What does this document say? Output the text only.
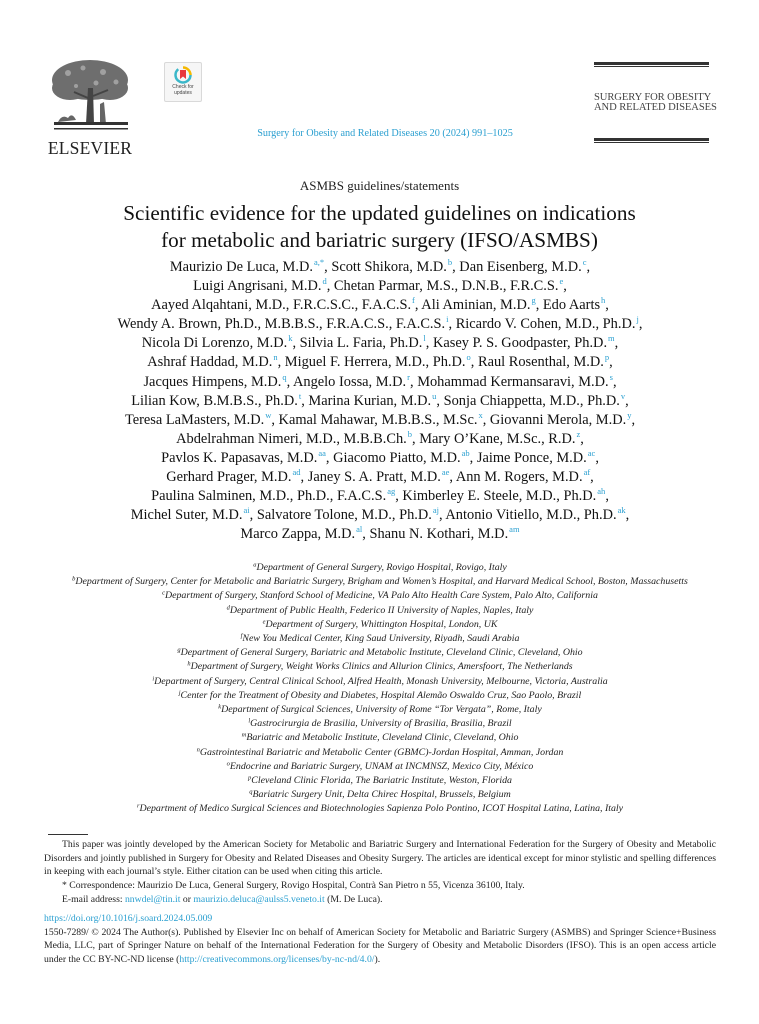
ELSEVIER
Check for
updates
Surgery for Obesity and Related Diseases 20 (2024) 991–1025
SURGERY FOR OBESITY
AND RELATED DISEASES
ASMBS guidelines/statements
Scientific evidence for the updated guidelines on indications
for metabolic and bariatric surgery (IFSO/ASMBS)
Maurizio De Luca, M.D.$^{a,*}$, Scott Shikora, M.D.$^b$, Dan Eisenberg, M.D.$^c$,
Luigi Angrisani, M.D.$^d$, Chetan Parmar, M.S., D.N.B., F.R.C.S.$^e$,
Aayed Alqahtani, M.D., F.R.C.S.C., F.A.C.S.$^f$, Ali Aminian, M.D.$^g$, Edo Aarts$^h$,
Wendy A. Brown, Ph.D., M.B.B.S., F.R.A.C.S., F.A.C.S.$^i$, Ricardo V. Cohen, M.D., Ph.D.$^j$,
Nicola Di Lorenzo, M.D.$^k$, Silvia L. Faria, Ph.D.$^l$, Kasey P. S. Goodpaster, Ph.D.$^m$,
Ashraf Haddad, M.D.$^n$, Miguel F. Herrera, M.D., Ph.D.$^o$, Raul Rosenthal, M.D.$^p$,
Jacques Himpens, M.D.$^q$, Angelo Iossa, M.D.$^r$, Mohammad Kermansaravi, M.D.$^s$,
Lilian Kow, B.M.B.S., Ph.D.$^t$, Marina Kurian, M.D.$^u$, Sonja Chiappetta, M.D., Ph.D.$^v$,
Teresa LaMasters, M.D.$^w$, Kamal Mahawar, M.B.B.S., M.Sc.$^x$, Giovanni Merola, M.D.$^y$,
Abdelrahman Nimeri, M.D., M.B.B.Ch.$^b$, Mary O’Kane, M.Sc., R.D.$^z$,
Pavlos K. Papasavas, M.D.$^{aa}$, Giacomo Piatto, M.D.$^{ab}$, Jaime Ponce, M.D.$^{ac}$,
Gerhard Prager, M.D.$^{ad}$, Janey S. A. Pratt, M.D.$^{ae}$, Ann M. Rogers, M.D.$^{af}$,
Paulina Salminen, M.D., Ph.D., F.A.C.S.$^{ag}$, Kimberley E. Steele, M.D., Ph.D.$^{ah}$,
Michel Suter, M.D.$^{ai}$, Salvatore Tolone, M.D., Ph.D.$^{aj}$, Antonio Vitiello, M.D., Ph.D.$^{ak}$,
Marco Zappa, M.D.$^{al}$, Shanu N. Kothari, M.D.$^{am}$
$^a$Department of General Surgery, Rovigo Hospital, Rovigo, Italy
$^b$Department of Surgery, Center for Metabolic and Bariatric Surgery, Brigham and Women’s Hospital, and Harvard Medical School, Boston, Massachusetts
$^c$Department of Surgery, Stanford School of Medicine, VA Palo Alto Health Care System, Palo Alto, California
$^d$Department of Public Health, Federico II University of Naples, Naples, Italy
$^e$Department of Surgery, Whittington Hospital, London, UK
$^f$New You Medical Center, King Saud University, Riyadh, Saudi Arabia
$^g$Department of General Surgery, Bariatric and Metabolic Institute, Cleveland Clinic, Cleveland, Ohio
$^h$Department of Surgery, Weight Works Clinics and Allurion Clinics, Amersfoort, The Netherlands
$^i$Department of Surgery, Central Clinical School, Alfred Health, Monash University, Melbourne, Victoria, Australia
$^j$Center for the Treatment of Obesity and Diabetes, Hospital Alemão Oswaldo Cruz, Sao Paolo, Brazil
$^k$Department of Surgical Sciences, University of Rome “Tor Vergata”, Rome, Italy
$^l$Gastrocirurgia de Brasilia, University of Brasilia, Brasilia, Brazil
$^m$Bariatric and Metabolic Institute, Cleveland Clinic, Cleveland, Ohio
$^n$Gastrointestinal Bariatric and Metabolic Center (GBMC)-Jordan Hospital, Amman, Jordan
$^o$Endocrine and Bariatric Surgery, UNAM at INCMNSZ, Mexico City, México
$^p$Cleveland Clinic Florida, The Bariatric Institute, Weston, Florida
$^q$Bariatric Surgery Unit, Delta Chirec Hospital, Brussels, Belgium
$^r$Department of Medico Surgical Sciences and Biotechnologies Sapienza Polo Pontino, ICOT Hospital Latina, Latina, Italy

This paper was jointly developed by the American Society for Metabolic and Bariatric Surgery and International Federation for the Surgery of Obesity and Metabolic Disorders and jointly published in Surgery for Obesity and Related Diseases and Obesity Surgery. The articles are identical except for minor stylistic and spelling differences in keeping with each journal’s style. Either citation can be used when citing this article.

* Correspondence: Maurizio De Luca, General Surgery, Rovigo Hospital, Contrà San Pietro n 55, Vicenza 36100, Italy.

E-mail address: nnwdel@tin.it or maurizio.deluca@aulss5.veneto.it (M. De Luca).

https://doi.org/10.1016/j.soard.2024.05.009

1550-7289/ © 2024 The Author(s). Published by Elsevier Inc on behalf of American Society for Metabolic and Bariatric Surgery (ASMBS) and Springer Science+Business Media, LLC, part of Springer Nature on behalf of the International Federation for the Surgery of Obesity and Metabolic Disorders (IFSO). This is an open access article under the CC BY-NC-ND license (http://creativecommons.org/licenses/by-nc-nd/4.0/).
